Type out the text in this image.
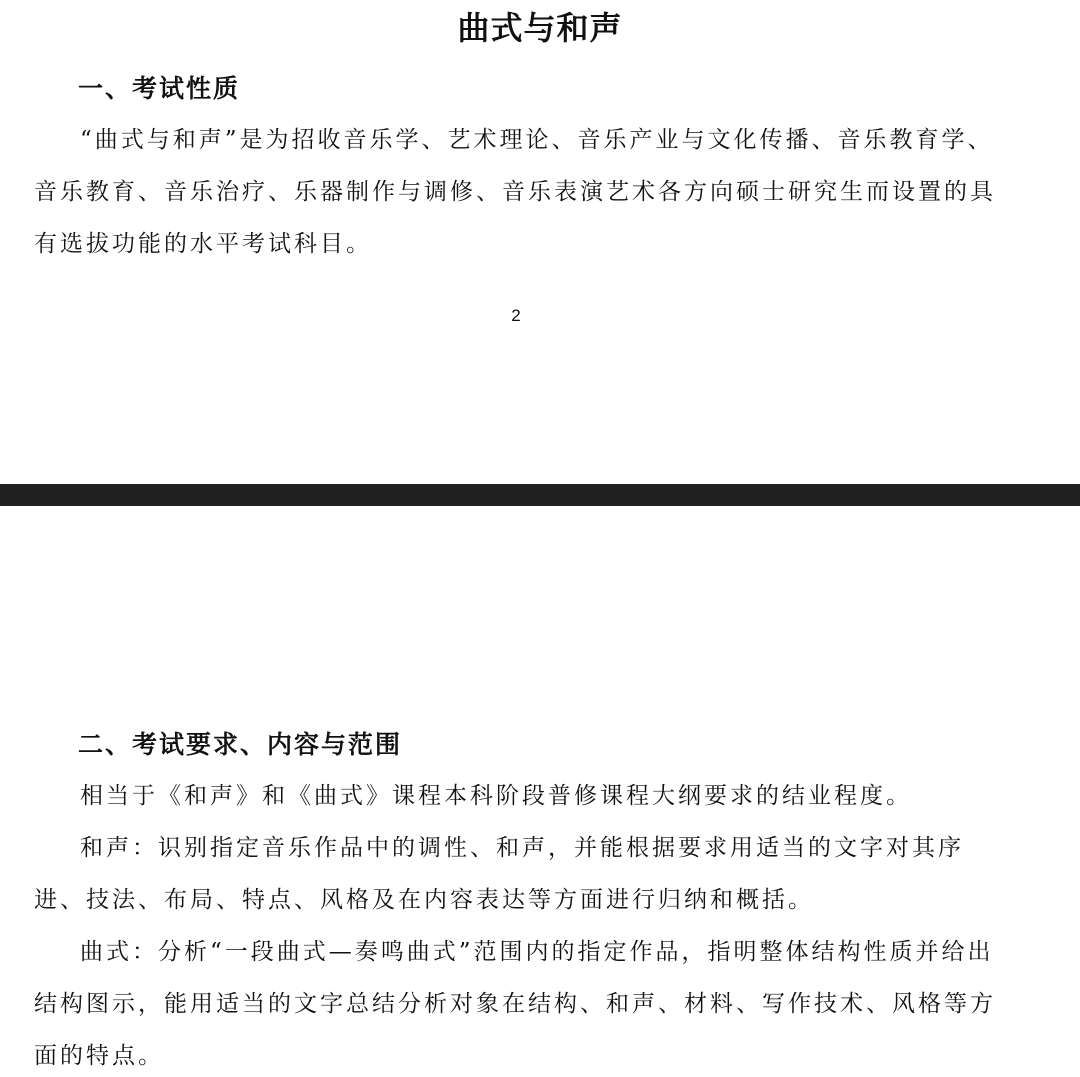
曲式与和声
一、考试性质

“曲式与和声”是为招收音乐学、艺术理论、音乐产业与文化传播、音乐教育学、音乐教育、音乐治疗、乐器制作与调修、音乐表演艺术各方向硕士研究生而设置的具有选拔功能的水平考试科目。

2

二、考试要求、内容与范围

相当于《和声》和《曲式》课程本科阶段普修课程大纲要求的结业程度。

和声：识别指定音乐作品中的调性、和声，并能根据要求用适当的文字对其序进、技法、布局、特点、风格及在内容表达等方面进行归纳和概括。

曲式：分析“一段曲式—奏鸣曲式”范围内的指定作品，指明整体结构性质并给出结构图示，能用适当的文字总结分析对象在结构、和声、材料、写作技术、风格等方面的特点。
